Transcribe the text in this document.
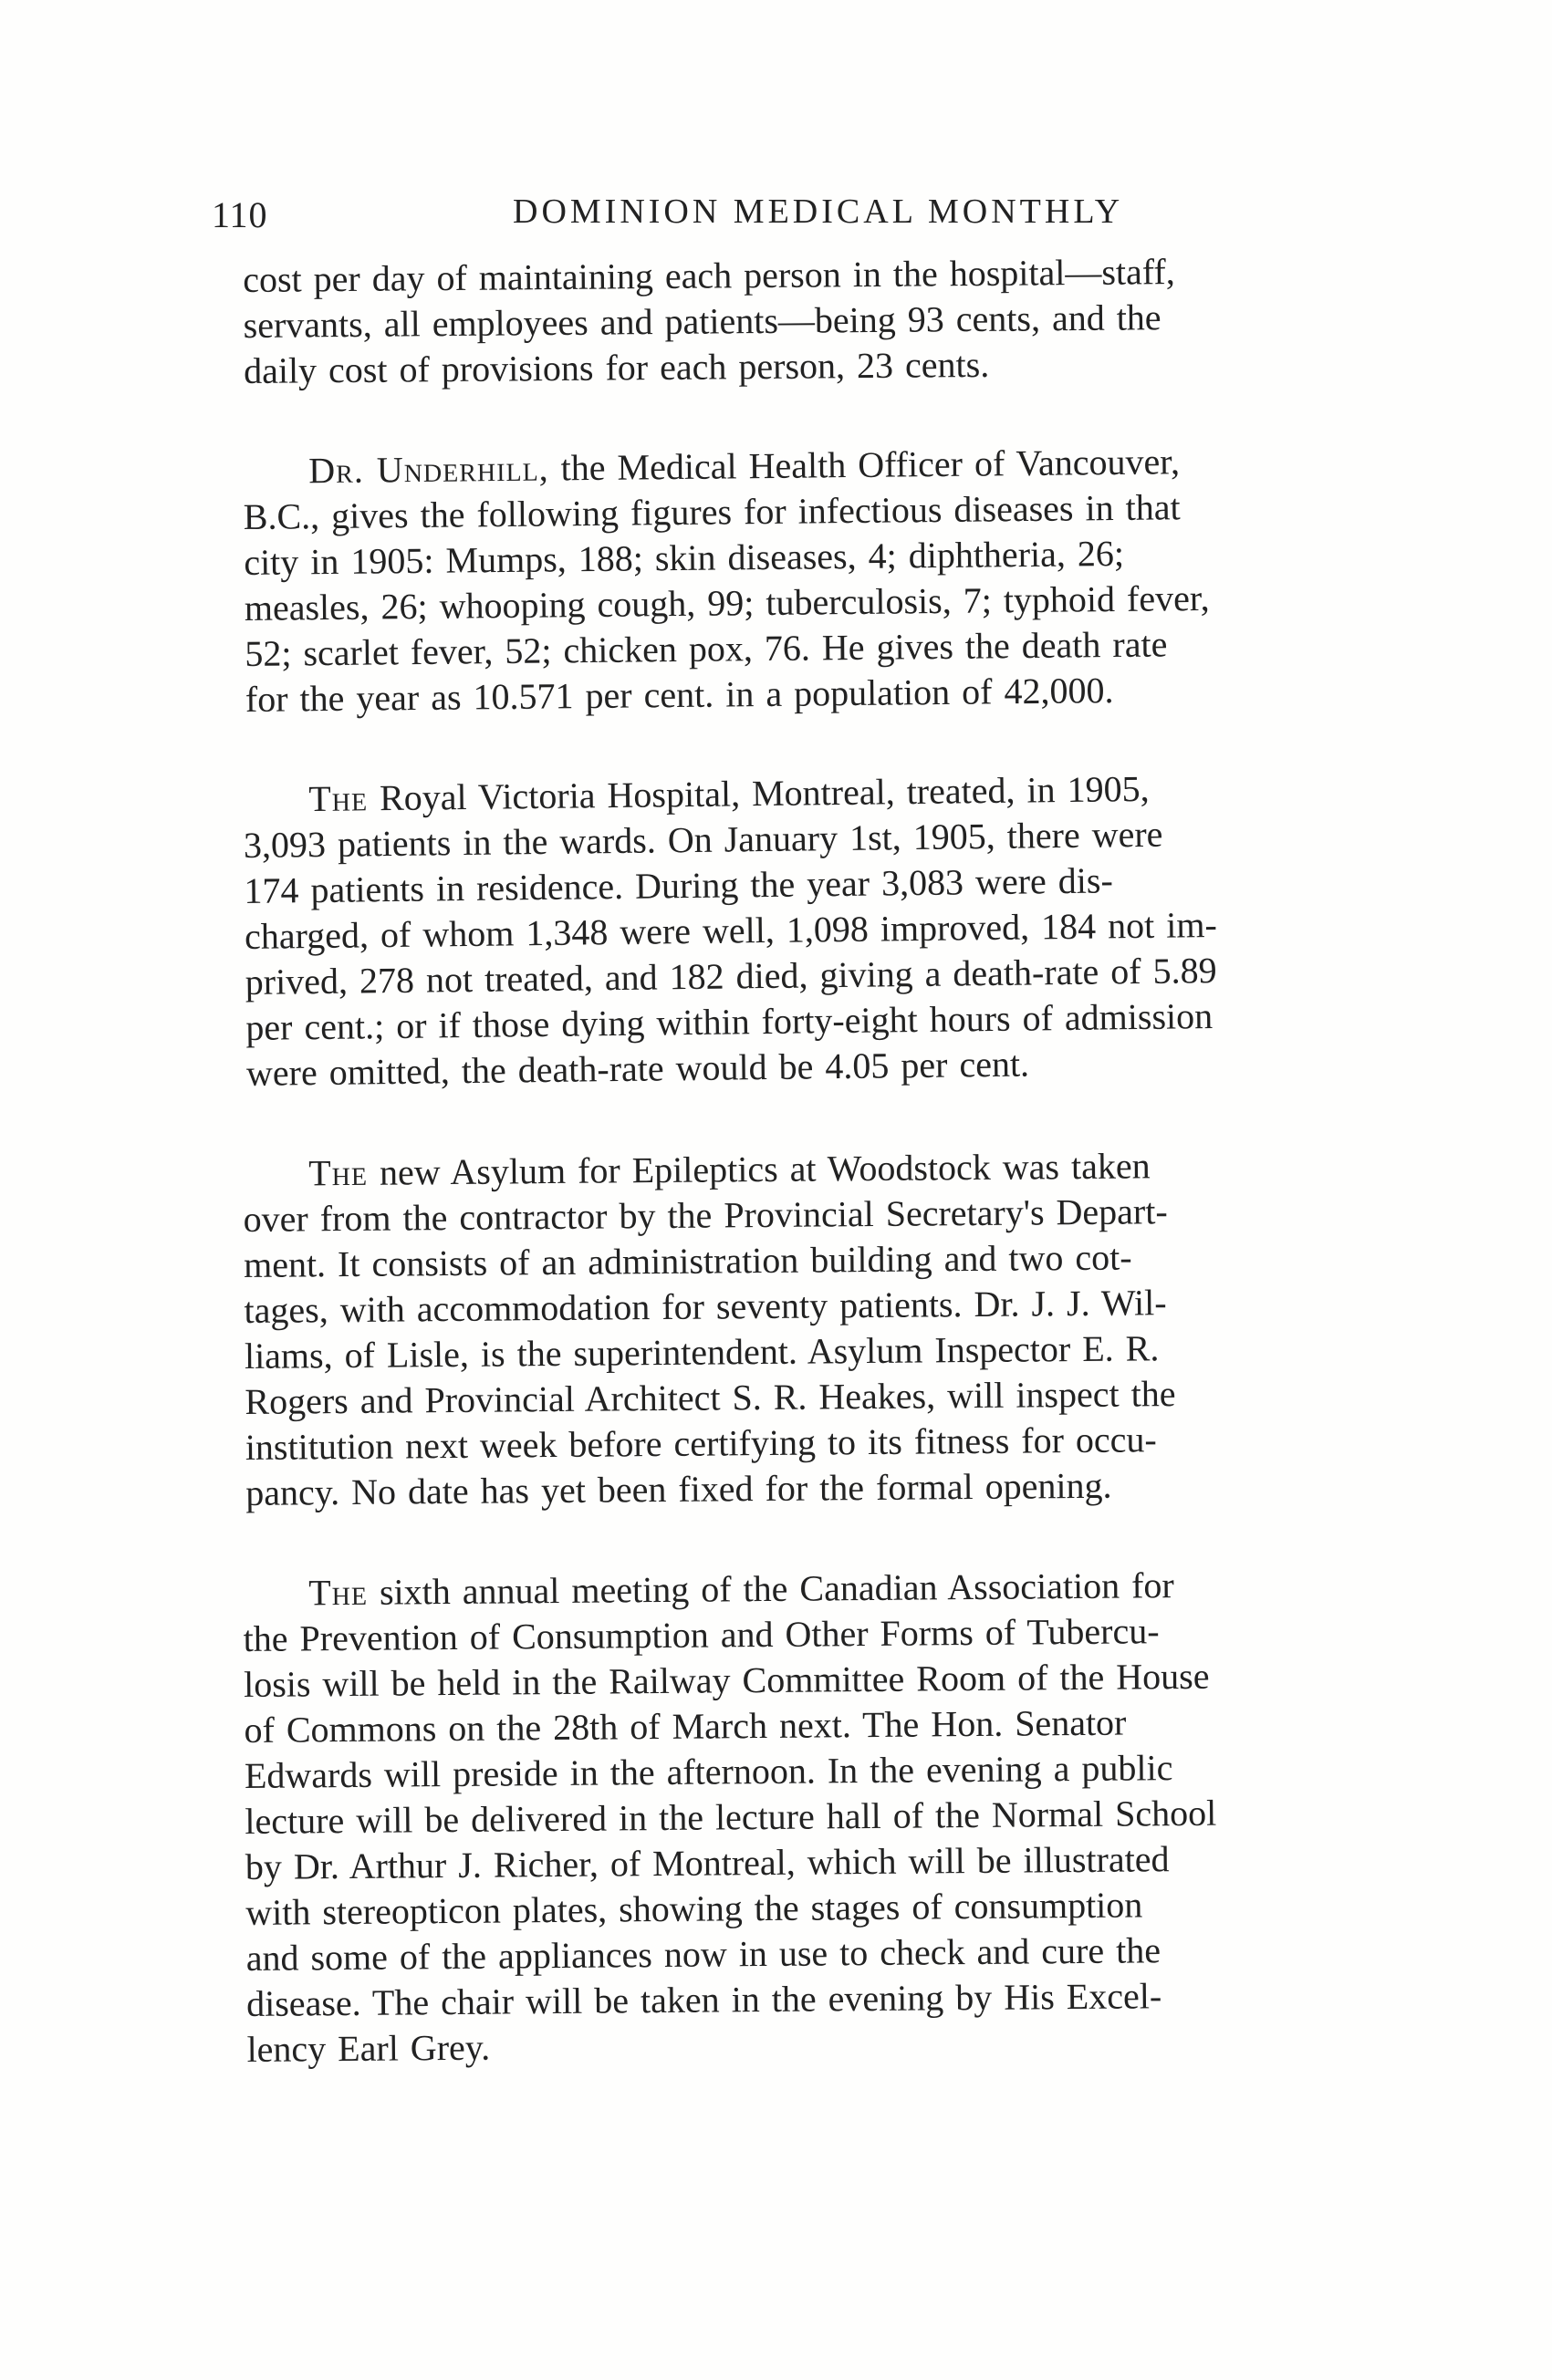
110	DOMINION MEDICAL MONTHLY
cost per day of maintaining each person in the hospital—staff,
servants, all employees and patients—being 93 cents, and the
daily cost of provisions for each person, 23 cents.
Dr. Underhill, the Medical Health Officer of Vancouver,
B.C., gives the following figures for infectious diseases in that
city in 1905: Mumps, 188; skin diseases, 4; diphtheria, 26;
measles, 26; whooping cough, 99; tuberculosis, 7; typhoid fever,
52; scarlet fever, 52; chicken pox, 76. He gives the death rate
for the year as 10.571 per cent. in a population of 42,000.
The Royal Victoria Hospital, Montreal, treated, in 1905,
3,093 patients in the wards. On January 1st, 1905, there were
174 patients in residence. During the year 3,083 were dis-
charged, of whom 1,348 were well, 1,098 improved, 184 not im-
prived, 278 not treated, and 182 died, giving a death-rate of 5.89
per cent.; or if those dying within forty-eight hours of admission
were omitted, the death-rate would be 4.05 per cent.
The new Asylum for Epileptics at Woodstock was taken
over from the contractor by the Provincial Secretary's Depart-
ment. It consists of an administration building and two cot-
tages, with accommodation for seventy patients. Dr. J. J. Wil-
liams, of Lisle, is the superintendent. Asylum Inspector E. R.
Rogers and Provincial Architect S. R. Heakes, will inspect the
institution next week before certifying to its fitness for occu-
pancy. No date has yet been fixed for the formal opening.
The sixth annual meeting of the Canadian Association for
the Prevention of Consumption and Other Forms of Tubercu-
losis will be held in the Railway Committee Room of the House
of Commons on the 28th of March next. The Hon. Senator
Edwards will preside in the afternoon. In the evening a public
lecture will be delivered in the lecture hall of the Normal School
by Dr. Arthur J. Richer, of Montreal, which will be illustrated
with stereopticon plates, showing the stages of consumption
and some of the appliances now in use to check and cure the
disease. The chair will be taken in the evening by His Excel-
lency Earl Grey.
